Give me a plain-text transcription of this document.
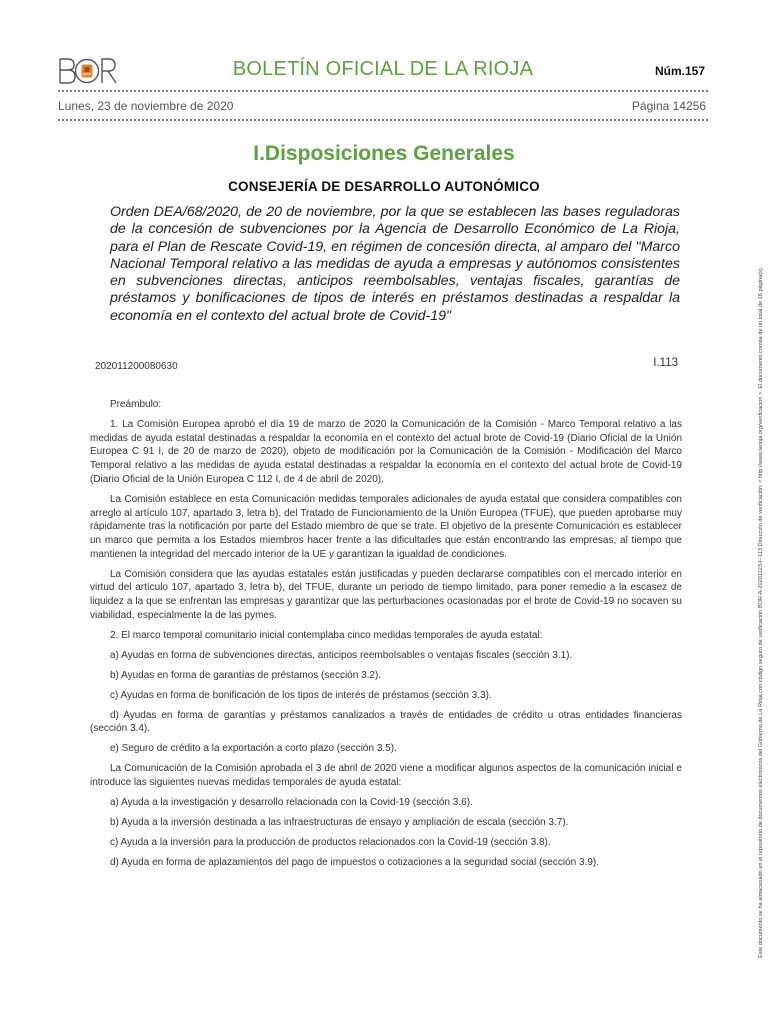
BOLETÍN OFICIAL DE LA RIOJA	Núm.157
Lunes, 23 de noviembre de 2020	Página 14256
I.Disposiciones Generales
CONSEJERÍA DE DESARROLLO AUTONÓMICO
Orden DEA/68/2020, de 20 de noviembre, por la que se establecen las bases reguladoras de la concesión de subvenciones por la Agencia de Desarrollo Económico de La Rioja, para el Plan de Rescate Covid-19, en régimen de concesión directa, al amparo del "Marco Nacional Temporal relativo a las medidas de ayuda a empresas y autónomos consistentes en subvenciones directas, anticipos reembolsables, ventajas fiscales, garantías de préstamos y bonificaciones de tipos de interés en préstamos destinadas a respaldar la economía en el contexto del actual brote de Covid-19"
202011200080630	I.113

Preámbulo:

1. La Comisión Europea aprobó el día 19 de marzo de 2020 la Comunicación de la Comisión - Marco Temporal relativo a las medidas de ayuda estatal destinadas a respaldar la economía en el contexto del actual brote de Covid-19 (Diario Oficial de la Unión Europea C 91 I, de 20 de marzo de 2020), objeto de modificación por la Comunicación de la Comisión - Modificación del Marco Temporal relativo a las medidas de ayuda estatal destinadas a respaldar la economía en el contexto del actual brote de Covid-19 (Diario Oficial de la Unión Europea C 112 I, de 4 de abril de 2020).

La Comisión establece en esta Comunicación medidas temporales adicionales de ayuda estatal que considera compatibles con arreglo al artículo 107, apartado 3, letra b), del Tratado de Funcionamiento de la Unión Europea (TFUE), que pueden aprobarse muy rápidamente tras la notificación por parte del Estado miembro de que se trate. El objetivo de la presente Comunicación es establecer un marco que permita a los Estados miembros hacer frente a las dificultades que están encontrando las empresas, al tiempo que mantienen la integridad del mercado interior de la UE y garantizan la igualdad de condiciones.

La Comisión considera que las ayudas estatales están justificadas y pueden declararse compatibles con el mercado interior en virtud del artículo 107, apartado 3, letra b), del TFUE, durante un periodo de tiempo limitado, para poner remedio a la escasez de liquidez a la que se enfrentan las empresas y garantizar que las perturbaciones ocasionadas por el brote de Covid-19 no socaven su viabilidad, especialmente la de las pymes.

2. El marco temporal comunitario inicial contemplaba cinco medidas temporales de ayuda estatal:

a) Ayudas en forma de subvenciones directas, anticipos reembolsables o ventajas fiscales (sección 3.1).

b) Ayudas en forma de garantías de préstamos (sección 3.2).

c) Ayudas en forma de bonificación de los tipos de interés de préstamos (sección 3.3).

d) Ayudas en forma de garantías y préstamos canalizados a través de entidades de crédito u otras entidades financieras (sección 3.4).

e) Seguro de crédito a la exportación a corto plazo (sección 3.5).

La Comunicación de la Comisión aprobada el 3 de abril de 2020 viene a modificar algunos aspectos de la comunicación inicial e introduce las siguientes nuevas medidas temporales de ayuda estatal:

a) Ayuda a la investigación y desarrollo relacionada con la Covid-19 (sección 3.6).

b) Ayuda a la inversión destinada a las infraestructuras de ensayo y ampliación de escala (sección 3.7).

c) Ayuda a la inversión para la producción de productos relacionados con la Covid-19 (sección 3.8).

d) Ayuda en forma de aplazamientos del pago de impuestos o cotizaciones a la seguridad social (sección 3.9).	Este documento se ha almacenado en el repositorio de documentos electrónicos del Gobierno de La Rioja con código seguro de verificación BOR-A-20201123-I--113 Dirección de verificación: < http://www.larioja.org/verificacion >. El documento consta de un total de 16 página(s).
